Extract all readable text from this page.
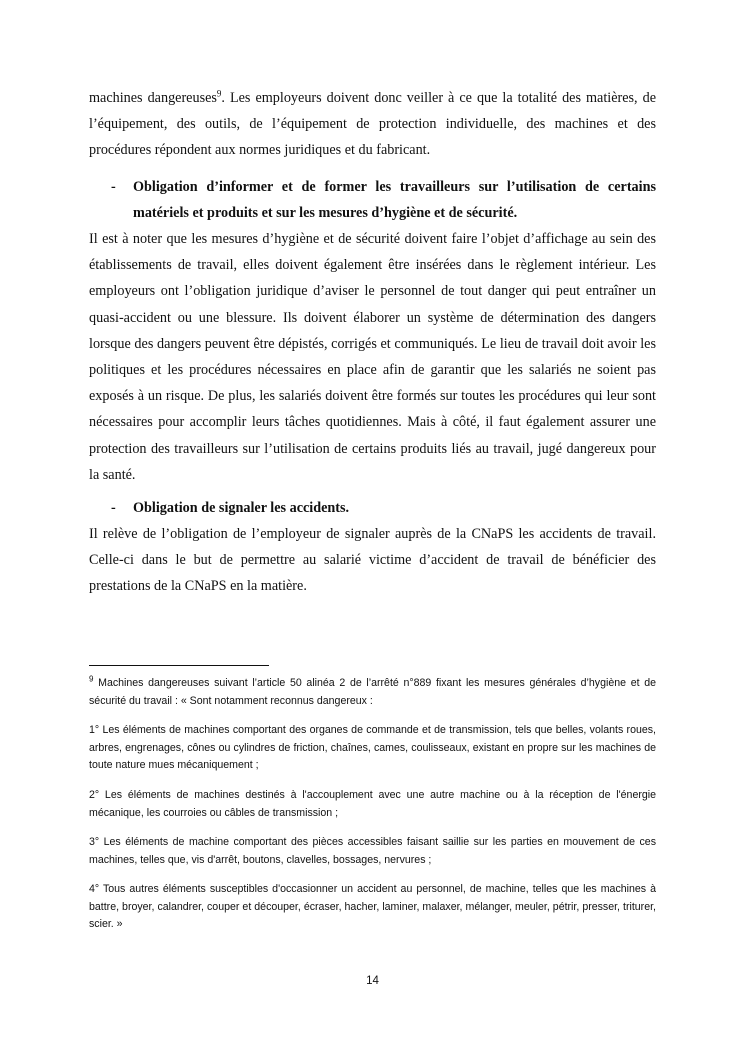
machines dangereuses$^9$. Les employeurs doivent donc veiller à ce que la totalité des matières, de l’équipement, des outils, de l’équipement de protection individuelle, des machines et des procédures répondent aux normes juridiques et du fabricant.

- Obligation d’informer et de former les travailleurs sur l’utilisation de certains matériels et produits et sur les mesures d’hygiène et de sécurité.

Il est à noter que les mesures d’hygiène et de sécurité doivent faire l’objet d’affichage au sein des établissements de travail, elles doivent également être insérées dans le règlement intérieur. Les employeurs ont l’obligation juridique d’aviser le personnel de tout danger qui peut entraîner un quasi-accident ou une blessure. Ils doivent élaborer un système de détermination des dangers lorsque des dangers peuvent être dépistés, corrigés et communiqués. Le lieu de travail doit avoir les politiques et les procédures nécessaires en place afin de garantir que les salariés ne soient pas exposés à un risque. De plus, les salariés doivent être formés sur toutes les procédures qui leur sont nécessaires pour accomplir leurs tâches quotidiennes. Mais à côté, il faut également assurer une protection des travailleurs sur l’utilisation de certains produits liés au travail, jugé dangereux pour la santé.

- Obligation de signaler les accidents.

Il relève de l’obligation de l’employeur de signaler auprès de la CNaPS les accidents de travail. Celle-ci dans le but de permettre au salarié victime d’accident de travail de bénéficier des prestations de la CNaPS en la matière.

$^9$ Machines dangereuses suivant l’article 50 alinéa 2 de l’arrêté n°889 fixant les mesures générales d’hygiène et de sécurité du travail : « Sont notamment reconnus dangereux :

1° Les éléments de machines comportant des organes de commande et de transmission, tels que belles, volants roues, arbres, engrenages, cônes ou cylindres de friction, chaînes, cames, coulisseaux, existant en propre sur les machines de toute nature mues mécaniquement ;

2° Les éléments de machines destinés à l'accouplement avec une autre machine ou à la réception de l'énergie mécanique, les courroies ou câbles de transmission ;

3° Les éléments de machine comportant des pièces accessibles faisant saillie sur les parties en mouvement de ces machines, telles que, vis d'arrêt, boutons, clavelles, bossages, nervures ;

4° Tous autres éléments susceptibles d'occasionner un accident au personnel, de machine, telles que les machines à battre, broyer, calandrer, couper et découper, écraser, hacher, laminer, malaxer, mélanger, meuler, pétrir, presser, triturer, scier. »

14
